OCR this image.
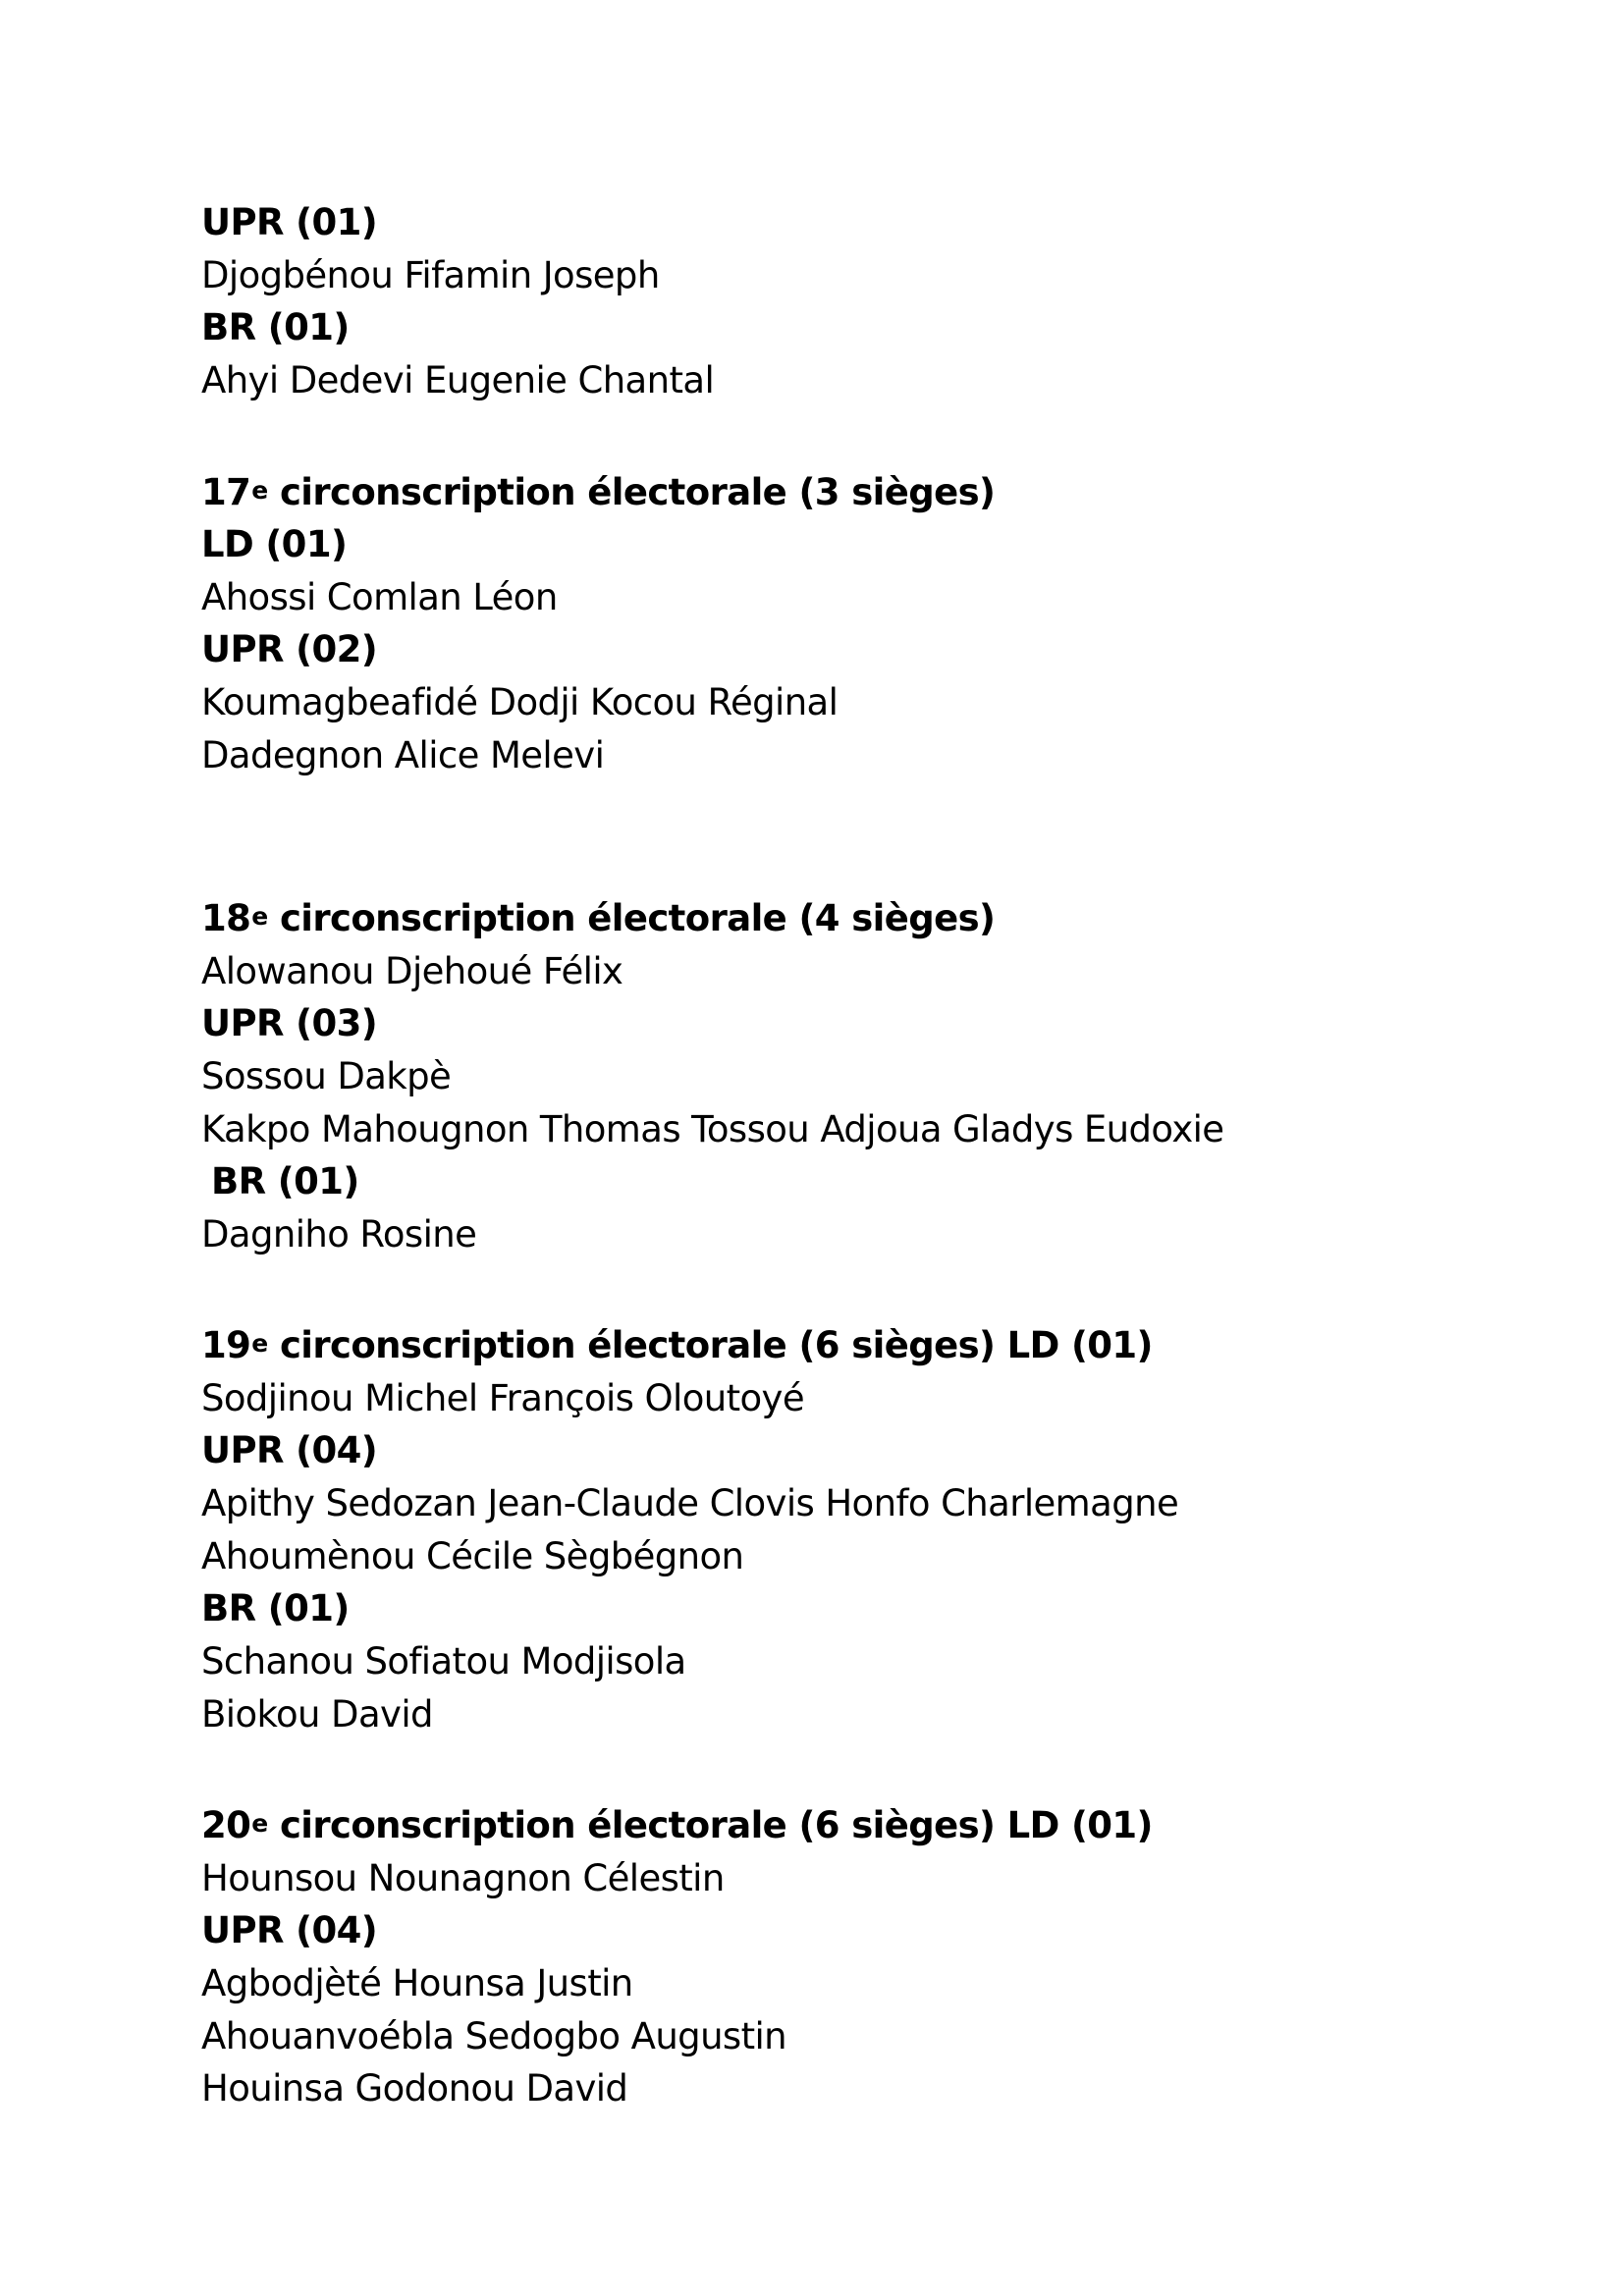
UPR (01)
Djogbénou Fifamin Joseph
BR (01)
Ahyi Dedevi Eugenie Chantal
17e circonscription électorale (3 sièges)
LD (01)
Ahossi Comlan Léon
UPR (02)
Koumagbeafidé Dodji Kocou Réginal
Dadegnon Alice Melevi
18e circonscription électorale (4 sièges)
Alowanou Djehoué Félix
UPR (03)
Sossou Dakpè
Kakpo Mahougnon Thomas Tossou Adjoua Gladys Eudoxie
BR (01)
Dagniho Rosine
19e circonscription électorale (6 sièges) LD (01)
Sodjinou Michel François Oloutoyé
UPR (04)
Apithy Sedozan Jean-Claude Clovis Honfo Charlemagne
Ahoumènou Cécile Sègbégnon
BR (01)
Schanou Sofiatou Modjisola
Biokou David
20e circonscription électorale (6 sièges) LD (01)
Hounsou Nounagnon Célestin
UPR (04)
Agbodjèté Hounsa Justin
Ahouanvoébla Sedogbo Augustin
Houinsa Godonou David
